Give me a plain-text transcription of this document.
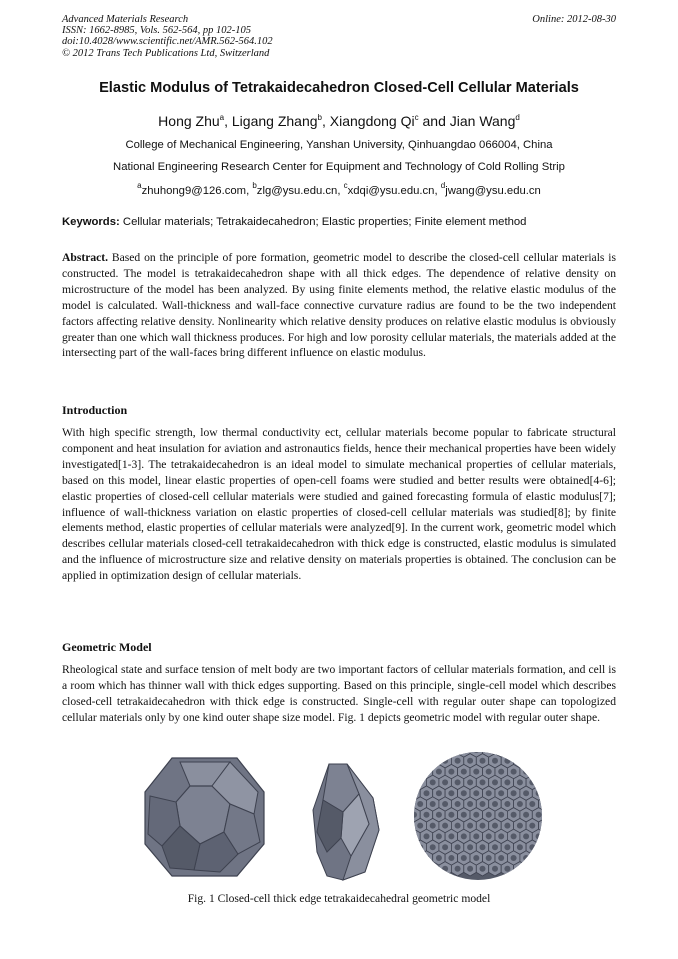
Advanced Materials Research
ISSN: 1662-8985, Vols. 562-564, pp 102-105
doi:10.4028/www.scientific.net/AMR.562-564.102
© 2012 Trans Tech Publications Ltd, Switzerland
Online: 2012-08-30
Elastic Modulus of Tetrakaidecahedron Closed-Cell Cellular Materials
Hong Zhu$^a$, Ligang Zhang$^b$, Xiangdong Qi$^c$ and Jian Wang$^d$
College of Mechanical Engineering, Yanshan University, Qinhuangdao 066004, China
National Engineering Research Center for Equipment and Technology of Cold Rolling Strip
$^a$zhuhong9@126.com, $^b$zlg@ysu.edu.cn, $^c$xdqi@ysu.edu.cn, $^d$jwang@ysu.edu.cn
Keywords: Cellular materials; Tetrakaidecahedron; Elastic properties; Finite element method
Abstract. Based on the principle of pore formation, geometric model to describe the closed-cell cellular materials is constructed. The model is tetrakaidecahedron shape with all thick edges. The dependence of relative density on microstructure of the model has been analyzed. By using finite elements method, the relative elastic modulus of the model is calculated. Wall-thickness and wall-face connective curvature radius are found to be the two independent factors affecting relative density. Nonlinearity which relative density produces on relative elastic modulus is obviously greater than one which wall thickness produces. For high and low porosity cellular materials, the materials added at the intersecting part of the wall-faces bring different influence on elastic modulus.
Introduction
With high specific strength, low thermal conductivity ect, cellular materials become popular to fabricate structural component and heat insulation for aviation and astronautics fields, hence their mechanical properties have been widely investigated[1-3]. The tetrakaidecahedron is an ideal model to simulate mechanical properties of cellular materials, based on this model, linear elastic properties of open-cell foams were studied and better results were obtained[4-6]; elastic properties of closed-cell cellular materials were studied and gained forecasting formula of elastic modulus[7]; influence of wall-thickness variation on elastic properties of closed-cell cellular materials was studied[8]; by finite elements method, elastic properties of cellular materials were analyzed[9]. In the current work, geometric model which describes cellular materials closed-cell tetrakaidecahedron with thick edge is constructed, elastic modulus is simulated and the influence of microstructure size and relative density on materials properties is obtained. The conclusion can be applied in optimization design of cellular materials.
Geometric Model
Rheological state and surface tension of melt body are two important factors of cellular materials formation, and cell is a room which has thinner wall with thick edges supporting. Based on this principle, single-cell model which describes closed-cell tetrakaidecahedron with thick edge is constructed. Single-cell with regular outer shape can topologized cellular materials only by one kind outer shape size model. Fig. 1 depicts geometric model with regular outer shape.
Fig. 1 Closed-cell thick edge tetrakaidecahedral geometric model
